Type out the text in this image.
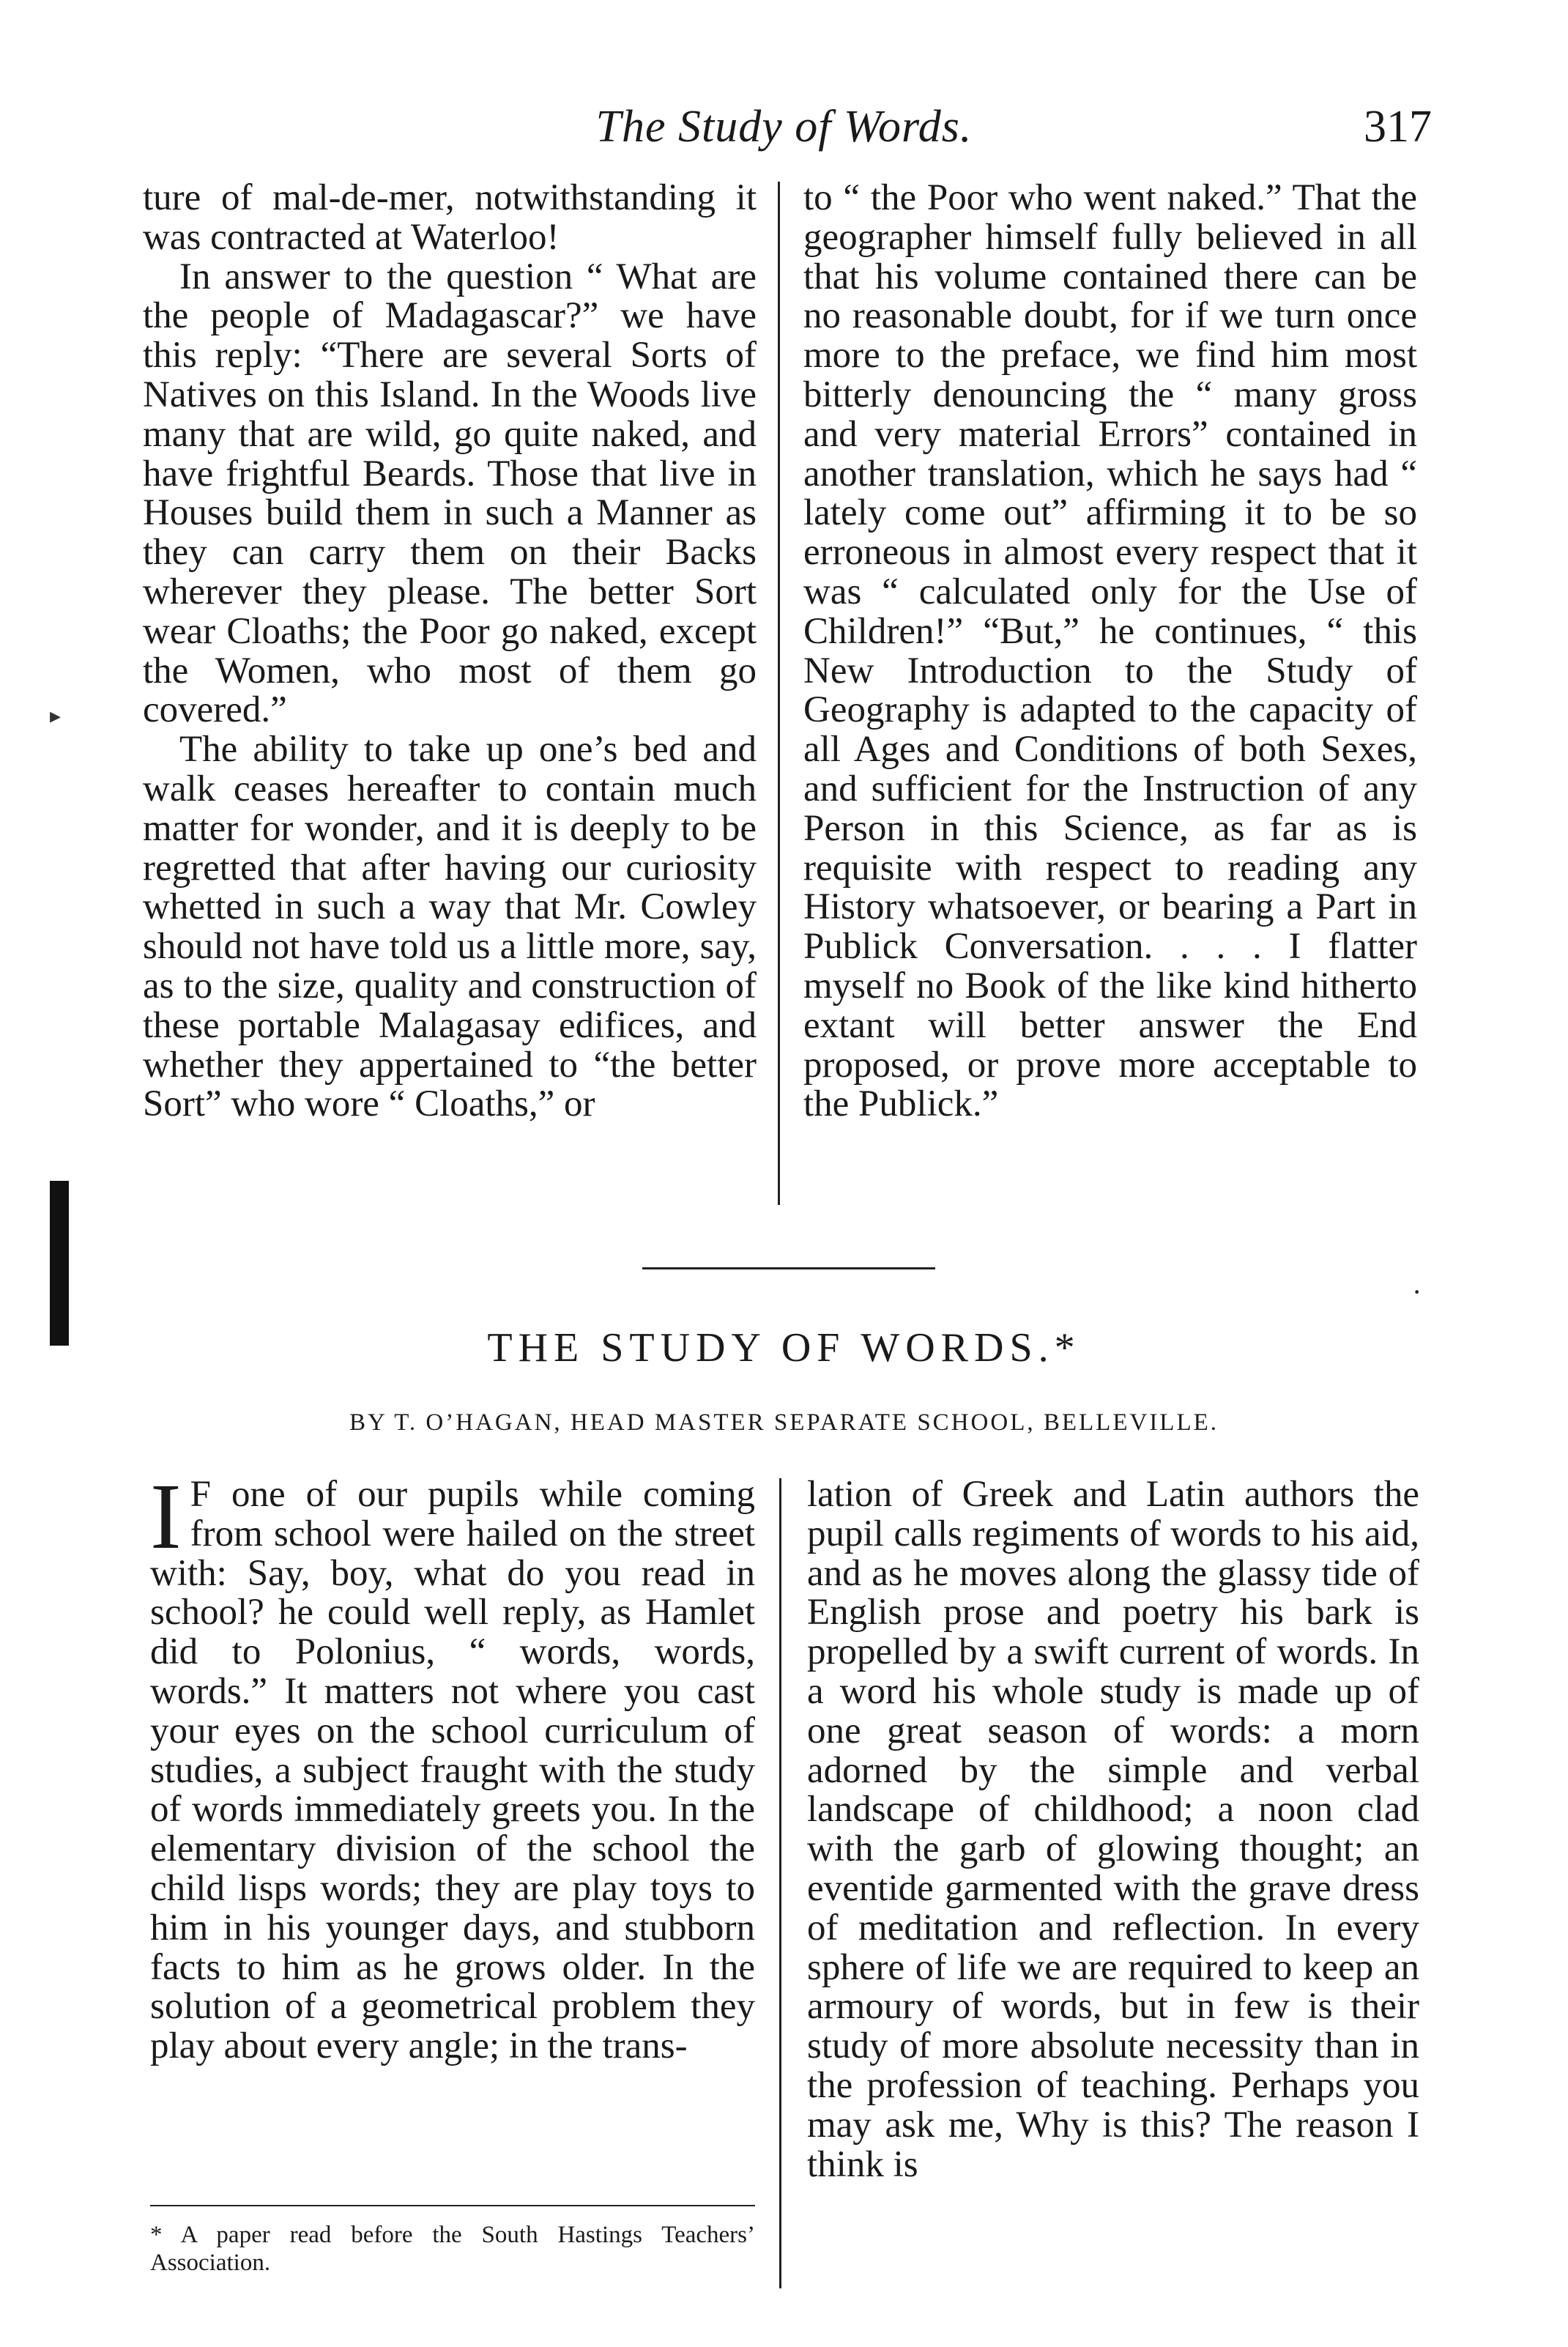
The Study of Words.	317

ture of mal-de-mer, notwithstanding it was contracted at Waterloo!

In answer to the question “ What are the people of Madagascar?” we have this reply: “There are several Sorts of Natives on this Island. In the Woods live many that are wild, go quite naked, and have frightful Beards. Those that live in Houses build them in such a Manner as they can carry them on their Backs wherever they please. The better Sort wear Cloaths; the Poor go naked, except the Women, who most of them go covered.”

The ability to take up one’s bed and walk ceases hereafter to contain much matter for wonder, and it is deeply to be regretted that after having our curiosity whetted in such a way that Mr. Cowley should not have told us a little more, say, as to the size, quality and construction of these portable Malagasay edifices, and whether they appertained to “the better Sort” who wore “ Cloaths,” or

to “ the Poor who went naked.” That the geographer himself fully believed in all that his volume contained there can be no reasonable doubt, for if we turn once more to the preface, we find him most bitterly denouncing the “ many gross and very material Errors” contained in another translation, which he says had “ lately come out” affirming it to be so erroneous in almost every respect that it was “ calculated only for the Use of Children!” “But,” he continues, “ this New Introduction to the Study of Geography is adapted to the capacity of all Ages and Conditions of both Sexes, and sufficient for the Instruction of any Person in this Science, as far as is requisite with respect to reading any History whatsoever, or bearing a Part in Publick Conversation. . . . I flatter myself no Book of the like kind hitherto extant will better answer the End proposed, or prove more acceptable to the Publick.”

▸
·
THE STUDY OF WORDS.*
BY T. O’HAGAN, HEAD MASTER SEPARATE SCHOOL, BELLEVILLE.

I F one of our pupils while coming from school were hailed on the street with: Say, boy, what do you read in school? he could well reply, as Hamlet did to Polonius, “ words, words, words.” It matters not where you cast your eyes on the school curriculum of studies, a subject fraught with the study of words immediately greets you. In the elementary division of the school the child lisps words; they are play toys to him in his younger days, and stubborn facts to him as he grows older. In the solution of a geometrical problem they play about every angle; in the trans-

lation of Greek and Latin authors the pupil calls regiments of words to his aid, and as he moves along the glassy tide of English prose and poetry his bark is propelled by a swift current of words. In a word his whole study is made up of one great season of words: a morn adorned by the simple and verbal landscape of childhood; a noon clad with the garb of glowing thought; an eventide garmented with the grave dress of meditation and reflection. In every sphere of life we are required to keep an armoury of words, but in few is their study of more absolute necessity than in the profession of teaching. Perhaps you may ask me, Why is this? The reason I think is

* A paper read before the South Hastings Teachers’ Association.
